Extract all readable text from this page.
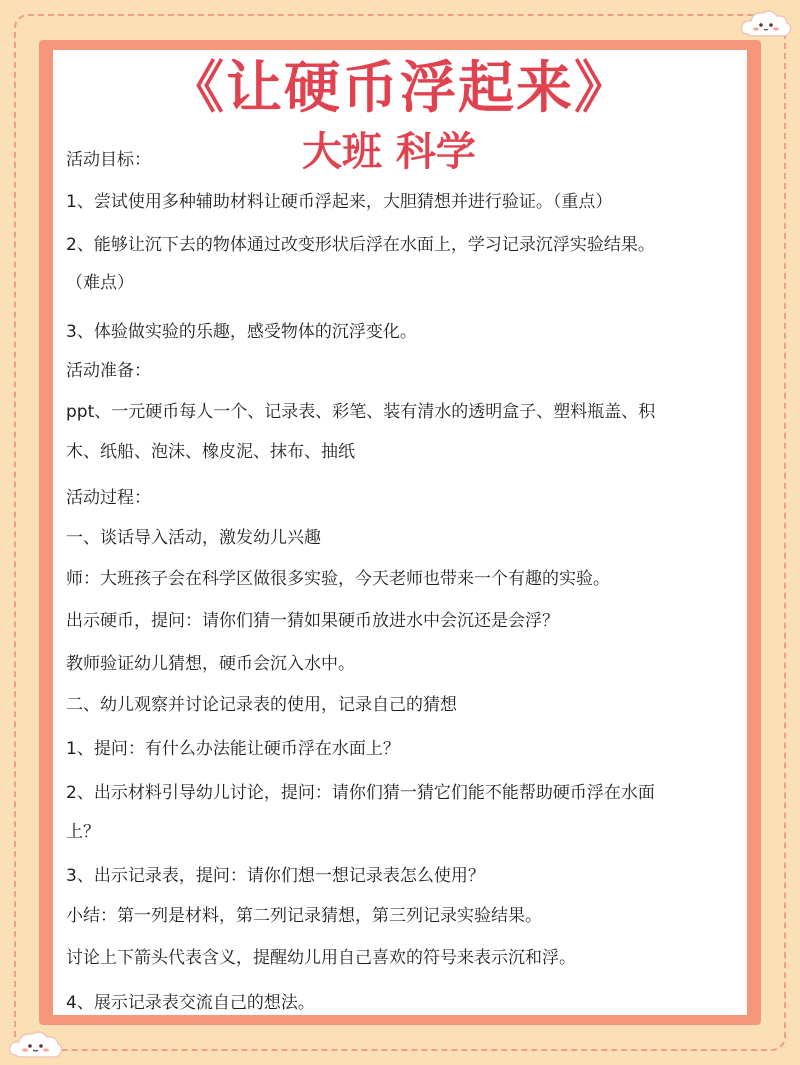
《让硬币浮起来》
大班 科学

活动目标：

1、尝试使用多种辅助材料让硬币浮起来，大胆猜想并进行验证。（重点）

2、能够让沉下去的物体通过改变形状后浮在水面上，学习记录沉浮实验结果。

（难点）

3、体验做实验的乐趣，感受物体的沉浮变化。

活动准备：

ppt、一元硬币每人一个、记录表、彩笔、装有清水的透明盒子、塑料瓶盖、积

木、纸船、泡沫、橡皮泥、抹布、抽纸

活动过程：

一、谈话导入活动，激发幼儿兴趣

师：大班孩子会在科学区做很多实验，今天老师也带来一个有趣的实验。

出示硬币，提问：请你们猜一猜如果硬币放进水中会沉还是会浮？

教师验证幼儿猜想，硬币会沉入水中。

二、幼儿观察并讨论记录表的使用，记录自己的猜想

1、提问：有什么办法能让硬币浮在水面上？

2、出示材料引导幼儿讨论，提问：请你们猜一猜它们能不能帮助硬币浮在水面

上？

3、出示记录表，提问：请你们想一想记录表怎么使用？

小结：第一列是材料，第二列记录猜想，第三列记录实验结果。

讨论上下箭头代表含义，提醒幼儿用自己喜欢的符号来表示沉和浮。

4、展示记录表交流自己的想法。
